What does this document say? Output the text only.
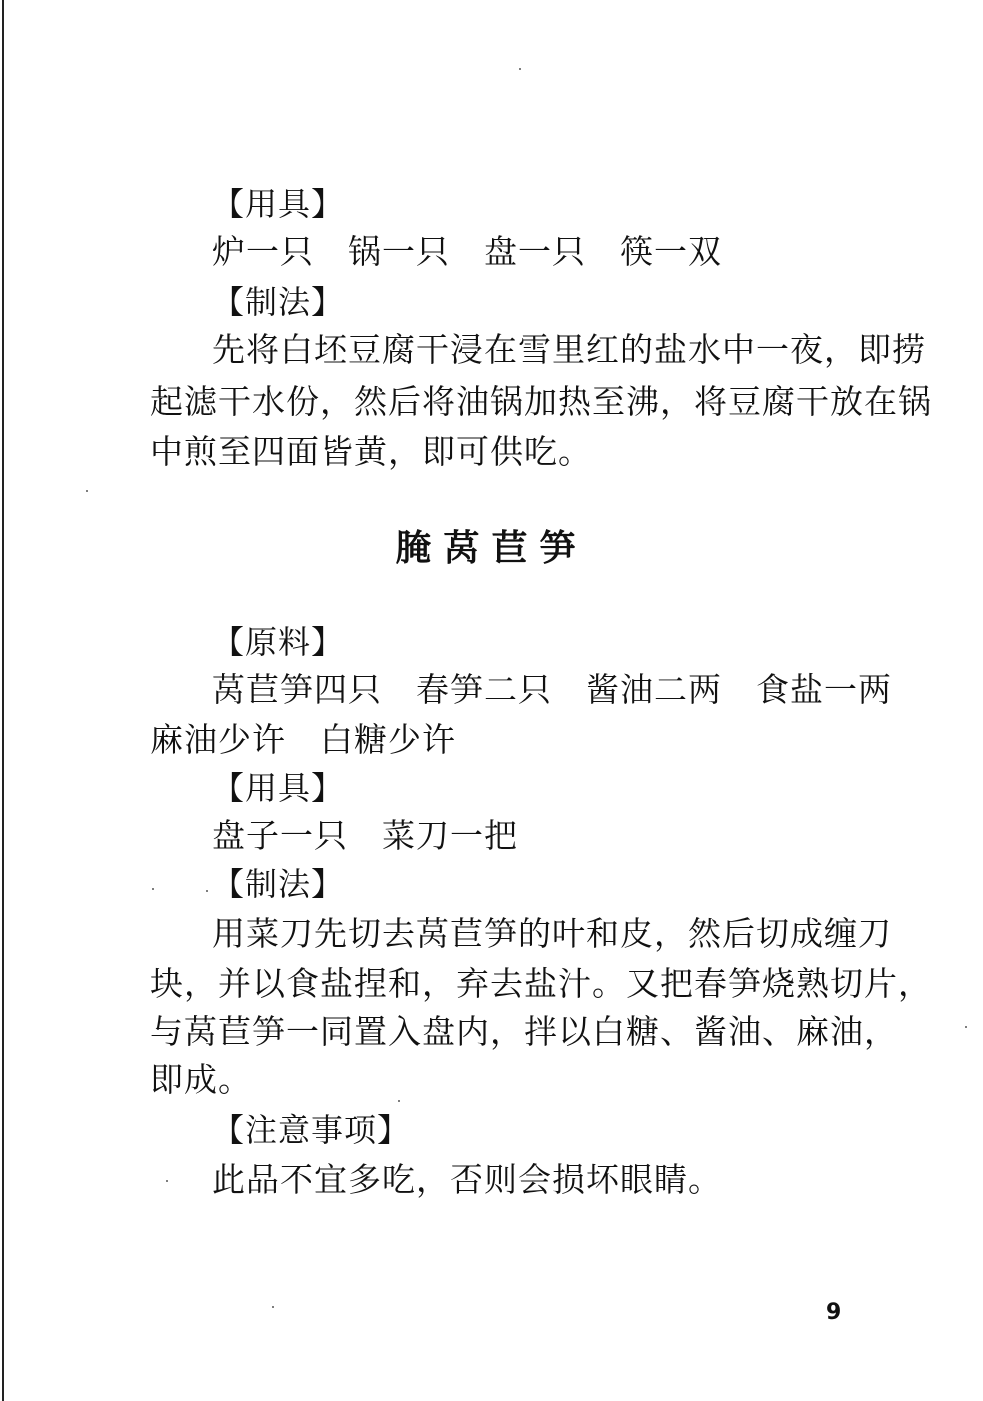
【用具】
炉一只　锅一只　盘一只　筷一双
【制法】
先将白坯豆腐干浸在雪里红的盐水中一夜，即捞
起滤干水份，然后将油锅加热至沸，将豆腐干放在锅
中煎至四面皆黄，即可供吃。
腌莴苣笋
【原料】
莴苣笋四只　春笋二只　酱油二两　食盐一两
麻油少许　白糖少许
【用具】
盘子一只　菜刀一把
【制法】
用菜刀先切去莴苣笋的叶和皮，然后切成缠刀
块，并以食盐捏和，弃去盐汁。又把春笋烧熟切片，
与莴苣笋一同置入盘内，拌以白糖、酱油、麻油，
即成。
【注意事项】
此品不宜多吃，否则会损坏眼睛。
9
